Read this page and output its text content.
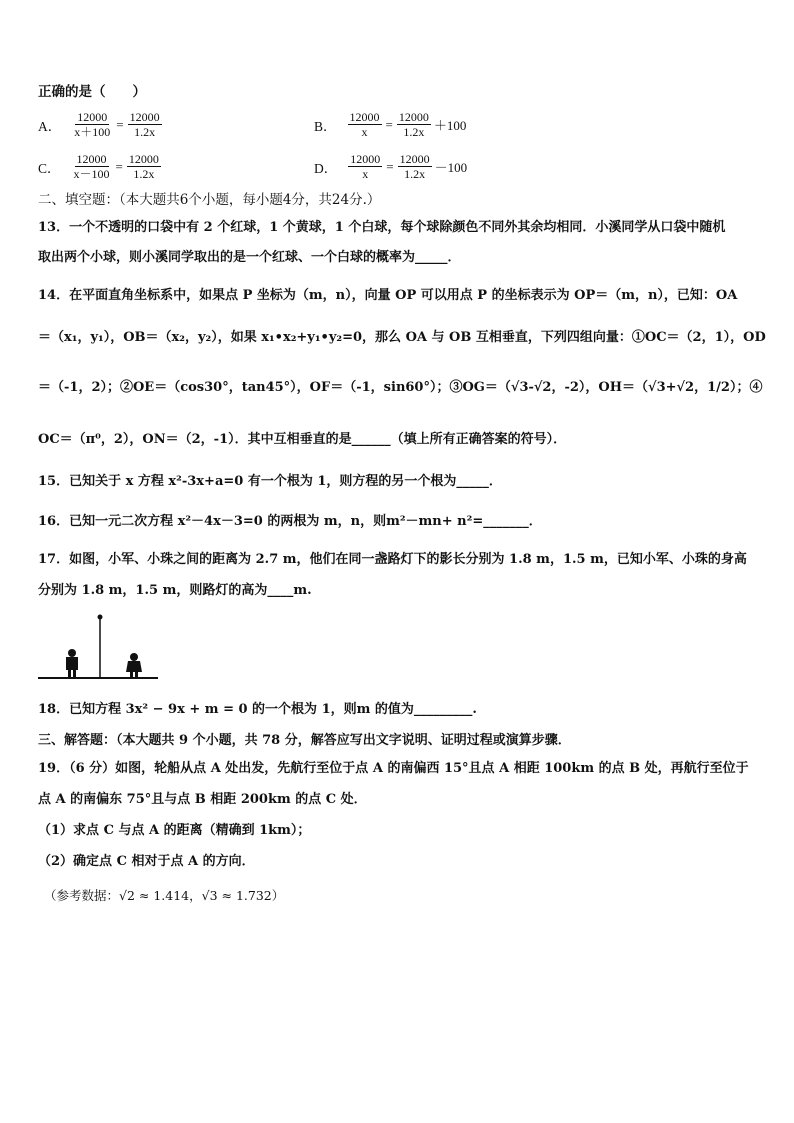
正确的是（　　）
A． $\frac{12000}{x+100} = \frac{12000}{1.2x}$	B． $\frac{12000}{x} = \frac{12000}{1.2x} +100$
C． $\frac{12000}{x-100} = \frac{12000}{1.2x}$	D． $\frac{12000}{x} = \frac{12000}{1.2x} -100$
二、填空题：（本大题共6个小题，每小题4分，共24分.）
13．一个不透明的口袋中有 2 个红球，1 个黄球，1 个白球，每个球除颜色不同外其余均相同．小溪同学从口袋中随机
取出两个小球，则小溪同学取出的是一个红球、一个白球的概率为_____．
14．在平面直角坐标系中，如果点 P 坐标为（m，n），向量 OP 可以用点 P 的坐标表示为 OP＝（m，n），已知：OA
＝（x₁，y₁），OB＝（x₂，y₂），如果 x₁•x₂+y₁•y₂=0，那么 OA 与 OB 互相垂直，下列四组向量：①OC＝（2，1），OD
＝（-1，2）；②OE＝（cos30°，tan45°），OF＝（-1，sin60°）；③OG＝（√3-√2，-2），OH＝（√3+√2，1/2）；④
OC＝（π⁰，2），ON＝（2，-1）．其中互相垂直的是______（填上所有正确答案的符号）．
15．已知关于 x 方程 x²-3x+a=0 有一个根为 1，则方程的另一个根为_____．
16．已知一元二次方程 x²－4x－3=0 的两根为 m，n，则m²－mn+ n²=_______．
17．如图，小军、小珠之间的距离为 2.7 m，他们在同一盏路灯下的影长分别为 1.8 m，1.5 m，已知小军、小珠的身高
分别为 1.8 m，1.5 m，则路灯的高为____m.
18．已知方程 3x² − 9x + m = 0 的一个根为 1，则m 的值为_________.
三、解答题：（本大题共 9 个小题，共 78 分，解答应写出文字说明、证明过程或演算步骤．
19．（6 分）如图，轮船从点 A 处出发，先航行至位于点 A 的南偏西 15°且点 A 相距 100km 的点 B 处，再航行至位于
点 A 的南偏东 75°且与点 B 相距 200km 的点 C 处．
（1）求点 C 与点 A 的距离（精确到 1km）；
（2）确定点 C 相对于点 A 的方向．
（参考数据：√2 ≈ 1.414，√3 ≈ 1.732）
